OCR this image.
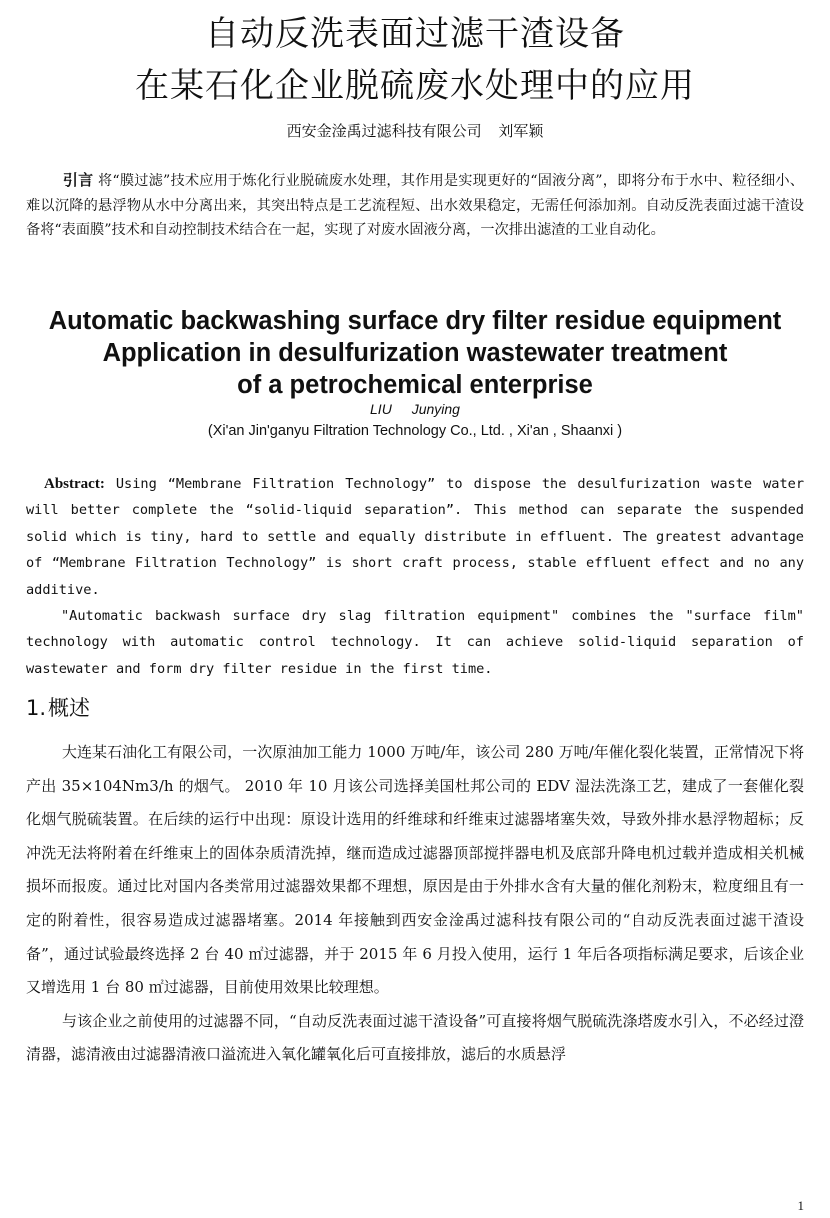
自动反洗表面过滤干渣设备
在某石化企业脱硫废水处理中的应用
西安金淦禹过滤科技有限公司 刘军颖
引言 将“膜过滤”技术应用于炼化行业脱硫废水处理，其作用是实现更好的“固液分离”，即将分布于水中、粒径细小、难以沉降的悬浮物从水中分离出来，其突出特点是工艺流程短、出水效果稳定，无需任何添加剂。自动反洗表面过滤干渣设备将“表面膜”技术和自动控制技术结合在一起，实现了对废水固液分离，一次排出滤渣的工业自动化。
Automatic backwashing surface dry filter residue equipment
Application in desulfurization wastewater treatment
of a petrochemical enterprise
LIU Junying
(Xi'an Jin'ganyu Filtration Technology Co., Ltd. , Xi'an , Shaanxi )

Abstract: Using “Membrane Filtration Technology” to dispose the desulfurization waste water will better complete the “solid-liquid separation”. This method can separate the suspended solid which is tiny, hard to settle and equally distribute in effluent. The greatest advantage of “Membrane Filtration Technology” is short craft process, stable effluent effect and no any additive.

"Automatic backwash surface dry slag filtration equipment" combines the "surface film" technology with automatic control technology. It can achieve solid-liquid separation of wastewater and form dry filter residue in the first time.

1.概述

大连某石油化工有限公司，一次原油加工能力 1000 万吨/年，该公司 280 万吨/年催化裂化装置，正常情况下将产出 35×104Nm3/h 的烟气。 2010 年 10 月该公司选择美国杜邦公司的 EDV 湿法洗涤工艺，建成了一套催化裂化烟气脱硫装置。在后续的运行中出现：原设计选用的纤维球和纤维束过滤器堵塞失效，导致外排水悬浮物超标；反冲洗无法将附着在纤维束上的固体杂质清洗掉，继而造成过滤器顶部搅拌器电机及底部升降电机过载并造成相关机械损坏而报废。通过比对国内各类常用过滤器效果都不理想，原因是由于外排水含有大量的催化剂粉末，粒度细且有一定的附着性，很容易造成过滤器堵塞。2014 年接触到西安金淦禹过滤科技有限公司的“自动反洗表面过滤干渣设备”，通过试验最终选择 2 台 40 ㎡过滤器，并于 2015 年 6 月投入使用，运行 1 年后各项指标满足要求，后该企业又增选用 1 台 80 ㎡过滤器，目前使用效果比较理想。

与该企业之前使用的过滤器不同，“自动反洗表面过滤干渣设备”可直接将烟气脱硫洗涤塔废水引入，不必经过澄清器，滤清液由过滤器清液口溢流进入氧化罐氧化后可直接排放，滤后的水质悬浮

1
